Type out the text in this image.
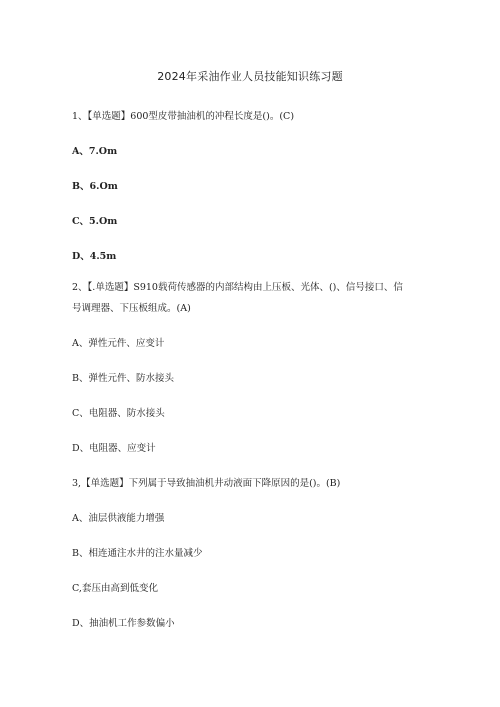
2024年采油作业人员技能知识练习题
1、【单选题】600型皮带抽油机的冲程长度是()。(C)
A、7.Om
B、6.Om
C、5.Om
D、4.5m
2、【.单选题】S910载荷传感器的内部结构由上压板、光体、()、信号接口、信
号调理器、下压板组成。(A)
A、弹性元件、应变计
B、弹性元件、防水接头
C、电阻器、防水接头
D、电阻器、应变计
3,【单选题】下列属于导致抽油机井动液面下降原因的是()。(B)
A、油层供液能力增强
B、相连通注水井的注水量减少
C,套压由高到低变化
D、抽油机工作参数偏小
